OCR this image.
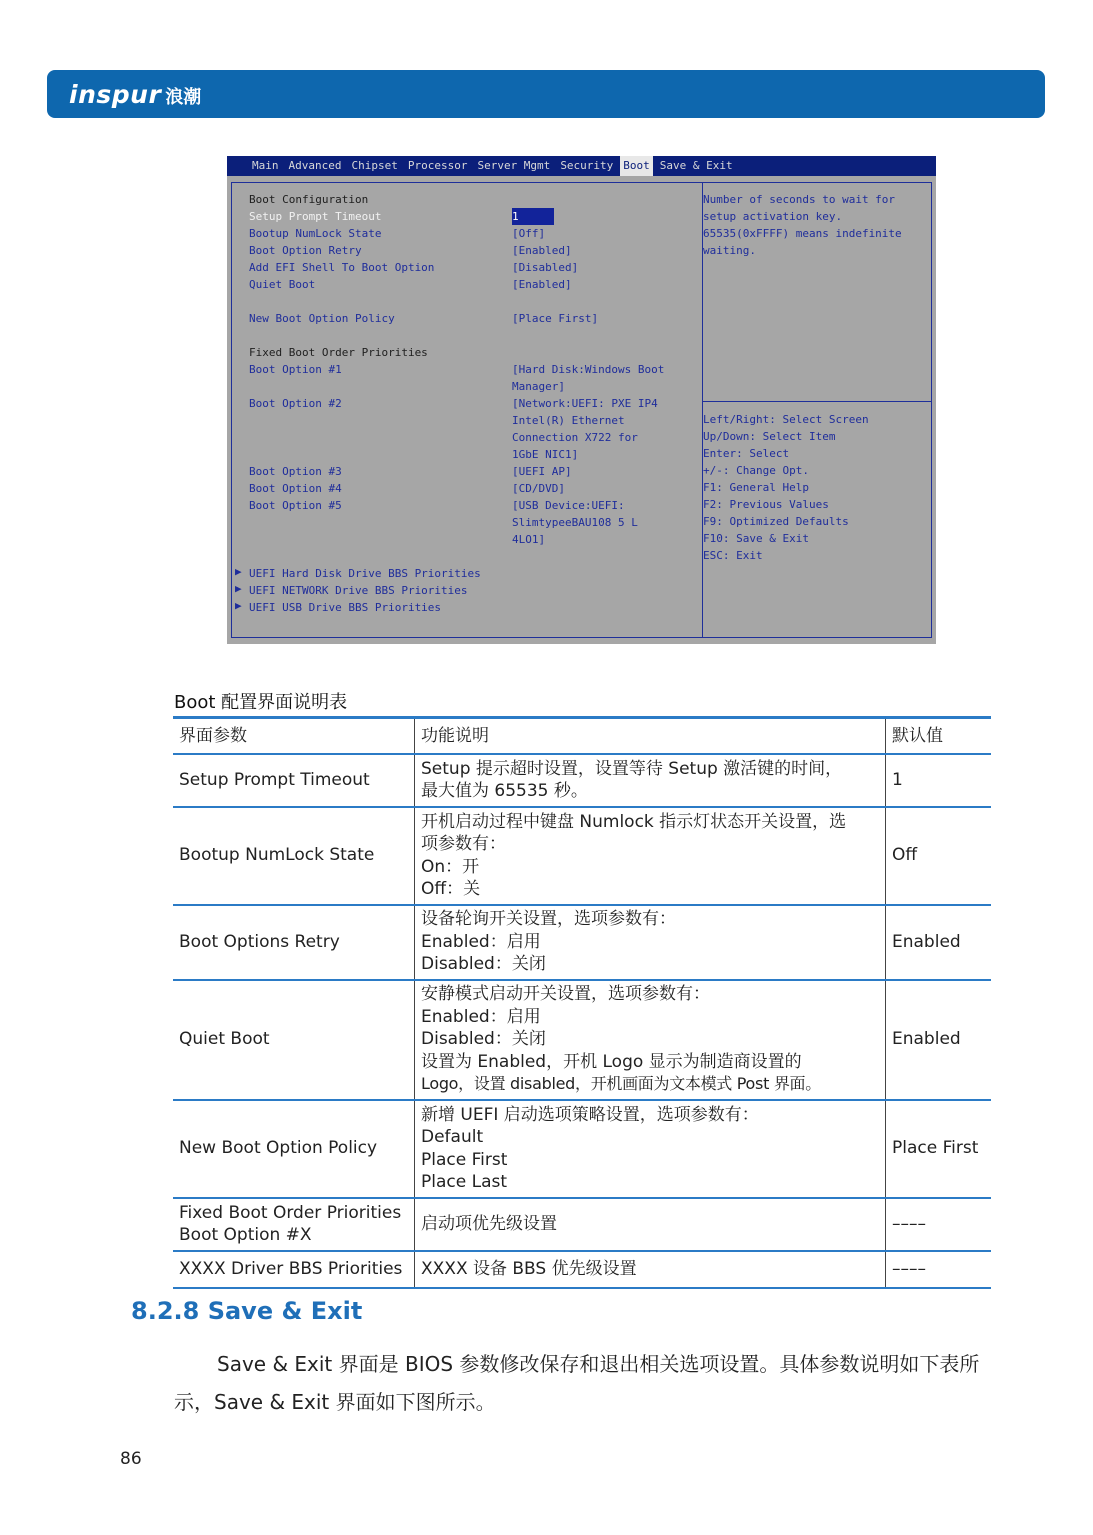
inspur 浪潮
Main Advanced Chipset Processor Server Mgmt Security Boot Save & Exit
Boot Configuration
Setup Prompt Timeout	1
Bootup NumLock State	[Off]
Boot Option Retry	[Enabled]
Add EFI Shell To Boot Option	[Disabled]
Quiet Boot	[Enabled]
New Boot Option Policy	[Place First]
Fixed Boot Order Priorities
Boot Option #1	[Hard Disk:Windows Boot
Manager]
Boot Option #2	[Network:UEFI: PXE IP4
Intel(R) Ethernet
Connection X722 for
1GbE NIC1]
Boot Option #3	[UEFI AP]
Boot Option #4	[CD/DVD]
Boot Option #5	[USB Device:UEFI:
SlimtypeeBAU108 5 L
4LO1]
▶ UEFI Hard Disk Drive BBS Priorities
▶ UEFI NETWORK Drive BBS Priorities
▶ UEFI USB Drive BBS Priorities
Number of seconds to wait for
setup activation key.
65535(0xFFFF) means indefinite
waiting.
Left/Right: Select Screen
Up/Down: Select Item
Enter: Select
+/-: Change Opt.
F1: General Help
F2: Previous Values
F9: Optimized Defaults
F10: Save & Exit
ESC: Exit
Boot 配置界面说明表
界面参数	功能说明	默认值

Setup Prompt Timeout	Setup 提示超时设置，设置等待 Setup 激活键的时间，
最大值为 65535 秒。	1

Bootup NumLock State	开机启动过程中键盘 Numlock 指示灯状态开关设置，选
项参数有：
On：开
Off：关	Off

Boot Options Retry	设备轮询开关设置，选项参数有：
Enabled：启用
Disabled：关闭	Enabled

Quiet Boot	安静模式启动开关设置，选项参数有：
Enabled：启用
Disabled：关闭
设置为 Enabled，开机 Logo 显示为制造商设置的
Logo，设置 disabled，开机画面为文本模式 Post 界面。	Enabled

New Boot Option Policy	新增 UEFI 启动选项策略设置，选项参数有：
Default
Place First
Place Last	Place First

Fixed Boot Order Priorities
Boot Option #X	启动项优先级设置	––––

XXXX Driver BBS Priorities	XXXX 设备 BBS 优先级设置	––––
8.2.8 Save & Exit
Save & Exit 界面是 BIOS 参数修改保存和退出相关选项设置。具体参数说明如下表所示，Save & Exit 界面如下图所示。
86
